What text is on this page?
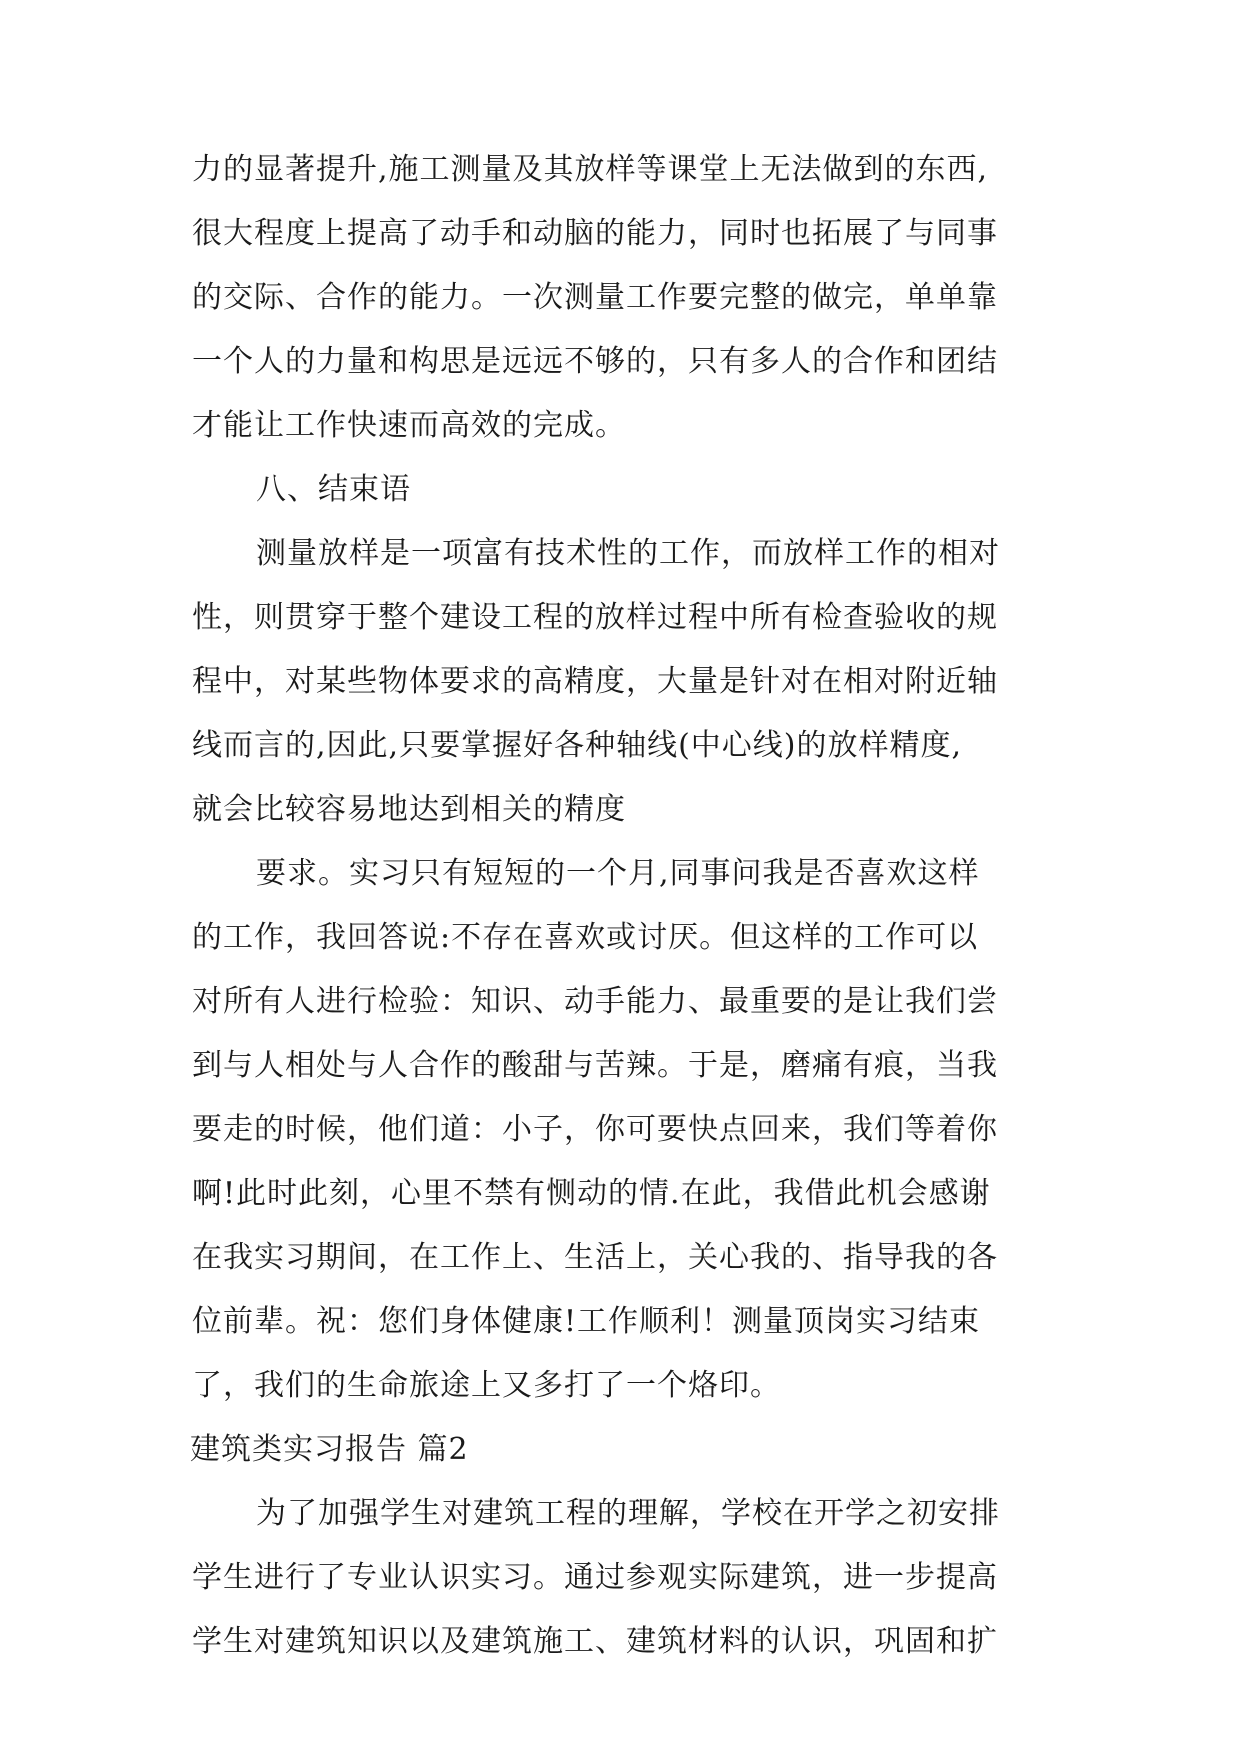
力的显著提升,施工测量及其放样等课堂上无法做到的东西,
很大程度上提高了动手和动脑的能力，同时也拓展了与同事
的交际、合作的能力。一次测量工作要完整的做完，单单靠
一个人的力量和构思是远远不够的，只有多人的合作和团结
才能让工作快速而高效的完成。
八、结束语
测量放样是一项富有技术性的工作，而放样工作的相对
性，则贯穿于整个建设工程的放样过程中所有检查验收的规
程中，对某些物体要求的高精度，大量是针对在相对附近轴
线而言的,因此,只要掌握好各种轴线(中心线)的放样精度,
就会比较容易地达到相关的精度
要求。实习只有短短的一个月,同事问我是否喜欢这样
的工作，我回答说:不存在喜欢或讨厌。但这样的工作可以
对所有人进行检验：知识、动手能力、最重要的是让我们尝
到与人相处与人合作的酸甜与苦辣。于是，磨痛有痕，当我
要走的时候，他们道：小子，你可要快点回来，我们等着你
啊!此时此刻，心里不禁有恻动的情.在此，我借此机会感谢
在我实习期间，在工作上、生活上，关心我的、指导我的各
位前辈。祝：您们身体健康!工作顺利！测量顶岗实习结束
了，我们的生命旅途上又多打了一个烙印。
建筑类实习报告 篇2
为了加强学生对建筑工程的理解，学校在开学之初安排
学生进行了专业认识实习。通过参观实际建筑，进一步提高
学生对建筑知识以及建筑施工、建筑材料的认识，巩固和扩
